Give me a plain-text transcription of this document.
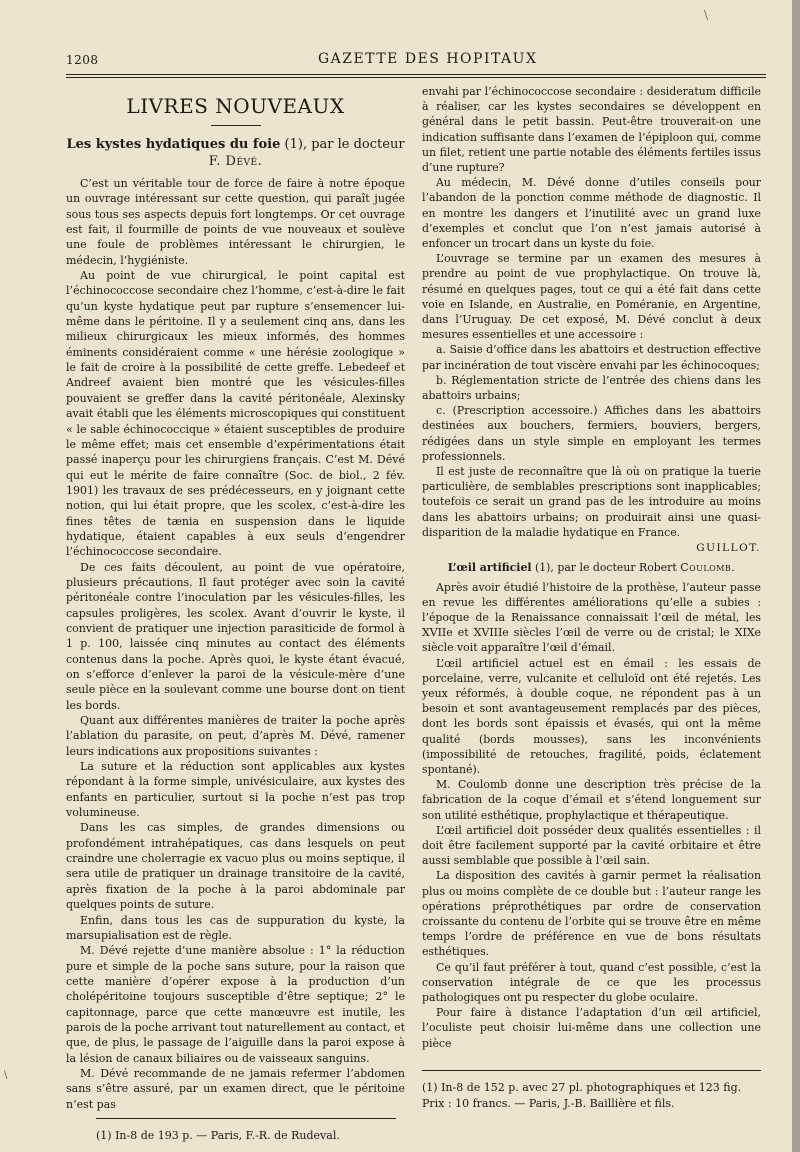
\
1208	GAZETTE DES HOPITAUX
LIVRES NOUVEAUX
Les kystes hydatiques du foie (1), par le docteur
F. Dévé.

C’est un véritable tour de force de faire à notre époque un ouvrage intéressant sur cette question, qui paraît jugée sous tous ses aspects depuis fort longtemps. Or cet ouvrage est fait, il fourmille de points de vue nouveaux et soulève une foule de problèmes intéressant le chirurgien, le médecin, l’hygiéniste.

Au point de vue chirurgical, le point capital est l’échinococcose secondaire chez l’homme, c’est-à-dire le fait qu’un kyste hydatique peut par rupture s’ensemencer lui-même dans le péritoine. Il y a seulement cinq ans, dans les milieux chirurgicaux les mieux informés, des hommes éminents considéraient comme « une hérésie zoologique » le fait de croire à la possibilité de cette greffe. Lebedeef et Andreef avaient bien montré que les vésicules-filles pouvaient se greffer dans la cavité péritonéale, Alexinsky avait établi que les éléments microscopiques qui constituent « le sable échinococcique » étaient susceptibles de produire le même effet; mais cet ensemble d’expérimentations était passé inaperçu pour les chirurgiens français. C’est M. Dévé qui eut le mérite de faire connaître (Soc. de biol., 2 fév. 1901) les travaux de ses prédécesseurs, en y joignant cette notion, qui lui était propre, que les scolex, c’est-à-dire les fines têtes de tænia en suspension dans le liquide hydatique, étaient capables à eux seuls d’engendrer l’échinococcose secondaire.

De ces faits découlent, au point de vue opératoire, plusieurs précautions. Il faut protéger avec soin la cavité péritonéale contre l’inoculation par les vésicules-filles, les capsules proligères, les scolex. Avant d’ouvrir le kyste, il convient de pratiquer une injection parasiticide de formol à 1 p. 100, laissée cinq minutes au contact des éléments contenus dans la poche. Après quoi, le kyste étant évacué, on s’efforce d’enlever la paroi de la vésicule-mère d’une seule pièce en la soulevant comme une bourse dont on tient les bords.

Quant aux différentes manières de traiter la poche après l’ablation du parasite, on peut, d’après M. Dévé, ramener leurs indications aux propositions suivantes :

La suture et la réduction sont applicables aux kystes répondant à la forme simple, univésiculaire, aux kystes des enfants en particulier, surtout si la poche n’est pas trop volumineuse.

Dans les cas simples, de grandes dimensions ou profondément intrahépatiques, cas dans lesquels on peut craindre une cholerragie ex vacuo plus ou moins septique, il sera utile de pratiquer un drainage transitoire de la cavité, après fixation de la poche à la paroi abdominale par quelques points de suture.

Enfin, dans tous les cas de suppuration du kyste, la marsupialisation est de règle.

M. Dévé rejette d’une manière absolue : 1° la réduction pure et simple de la poche sans suture, pour la raison que cette manière d’opérer expose à la production d’un cholépéritoine toujours susceptible d’être septique; 2° le capitonnage, parce que cette manœuvre est inutile, les parois de la poche arrivant tout naturellement au contact, et que, de plus, le passage de l’aiguille dans la paroi expose à la lésion de canaux biliaires ou de vaisseaux sanguins.

M. Dévé recommande de ne jamais refermer l’abdomen sans s’être assuré, par un examen direct, que le péritoine n’est pas

(1) In-8 de 193 p. — Paris, F.-R. de Rudeval.

envahi par l’échinococcose secondaire : desideratum difficile à réaliser, car les kystes secondaires se développent en général dans le petit bassin. Peut-être trouverait-on une indication suffisante dans l’examen de l’épiploon qui, comme un filet, retient une partie notable des éléments fertiles issus d’une rupture?

Au médecin, M. Dévé donne d’utiles conseils pour l’abandon de la ponction comme méthode de diagnostic. Il en montre les dangers et l’inutilité avec un grand luxe d’exemples et conclut que l’on n’est jamais autorisé à enfoncer un trocart dans un kyste du foie.

L’ouvrage se termine par un examen des mesures à prendre au point de vue prophylactique. On trouve là, résumé en quelques pages, tout ce qui a été fait dans cette voie en Islande, en Australie, en Poméranie, en Argentine, dans l’Uruguay. De cet exposé, M. Dévé conclut à deux mesures essentielles et une accessoire :

a. Saisie d’office dans les abattoirs et destruction effective par incinération de tout viscère envahi par les échinocoques;

b. Réglementation stricte de l’entrée des chiens dans les abattoirs urbains;

c. (Prescription accessoire.) Affiches dans les abattoirs destinées aux bouchers, fermiers, bouviers, bergers, rédigées dans un style simple en employant les termes professionnels.

Il est juste de reconnaître que là où on pratique la tuerie particulière, de semblables prescriptions sont inapplicables; toutefois ce serait un grand pas de les introduire au moins dans les abattoirs urbains; on produirait ainsi une quasi-disparition de la maladie hydatique en France.

GUILLOT.

L’œil artificiel (1), par le docteur Robert Coulomb.

Après avoir étudié l’histoire de la prothèse, l’auteur passe en revue les différentes améliorations qu’elle a subies : l’époque de la Renaissance connaissait l’œil de métal, les XVIIe et XVIIIe siècles l’œil de verre ou de cristal; le XIXe siècle voit apparaître l’œil d’émail.

L’œil artificiel actuel est en émail : les essais de porcelaine, verre, vulcanite et celluloïd ont été rejetés. Les yeux réformés, à double coque, ne répondent pas à un besoin et sont avantageusement remplacés par des pièces, dont les bords sont épaissis et évasés, qui ont la même qualité (bords mousses), sans les inconvénients (impossibilité de retouches, fragilité, poids, éclatement spontané).

M. Coulomb donne une description très précise de la fabrication de la coque d’émail et s’étend longuement sur son utilité esthétique, prophylactique et thérapeutique.

L’œil artificiel doit posséder deux qualités essentielles : il doit être facilement supporté par la cavité orbitaire et être aussi semblable que possible à l’œil sain.

La disposition des cavités à garnir permet la réalisation plus ou moins complète de ce double but : l’auteur range les opérations préprothétiques par ordre de conservation croissante du contenu de l’orbite qui se trouve être en même temps l’ordre de préférence en vue de bons résultats esthétiques.

Ce qu’il faut préférer à tout, quand c’est possible, c’est la conservation intégrale de ce que les processus pathologiques ont pu respecter du globe oculaire.

Pour faire à distance l’adaptation d’un œil artificiel, l’oculiste peut choisir lui-même dans une collection une pièce

(1) In-8 de 152 p. avec 27 pl. photographiques et 123 fig. Prix : 10 francs. — Paris, J.-B. Baillière et fils.
\
